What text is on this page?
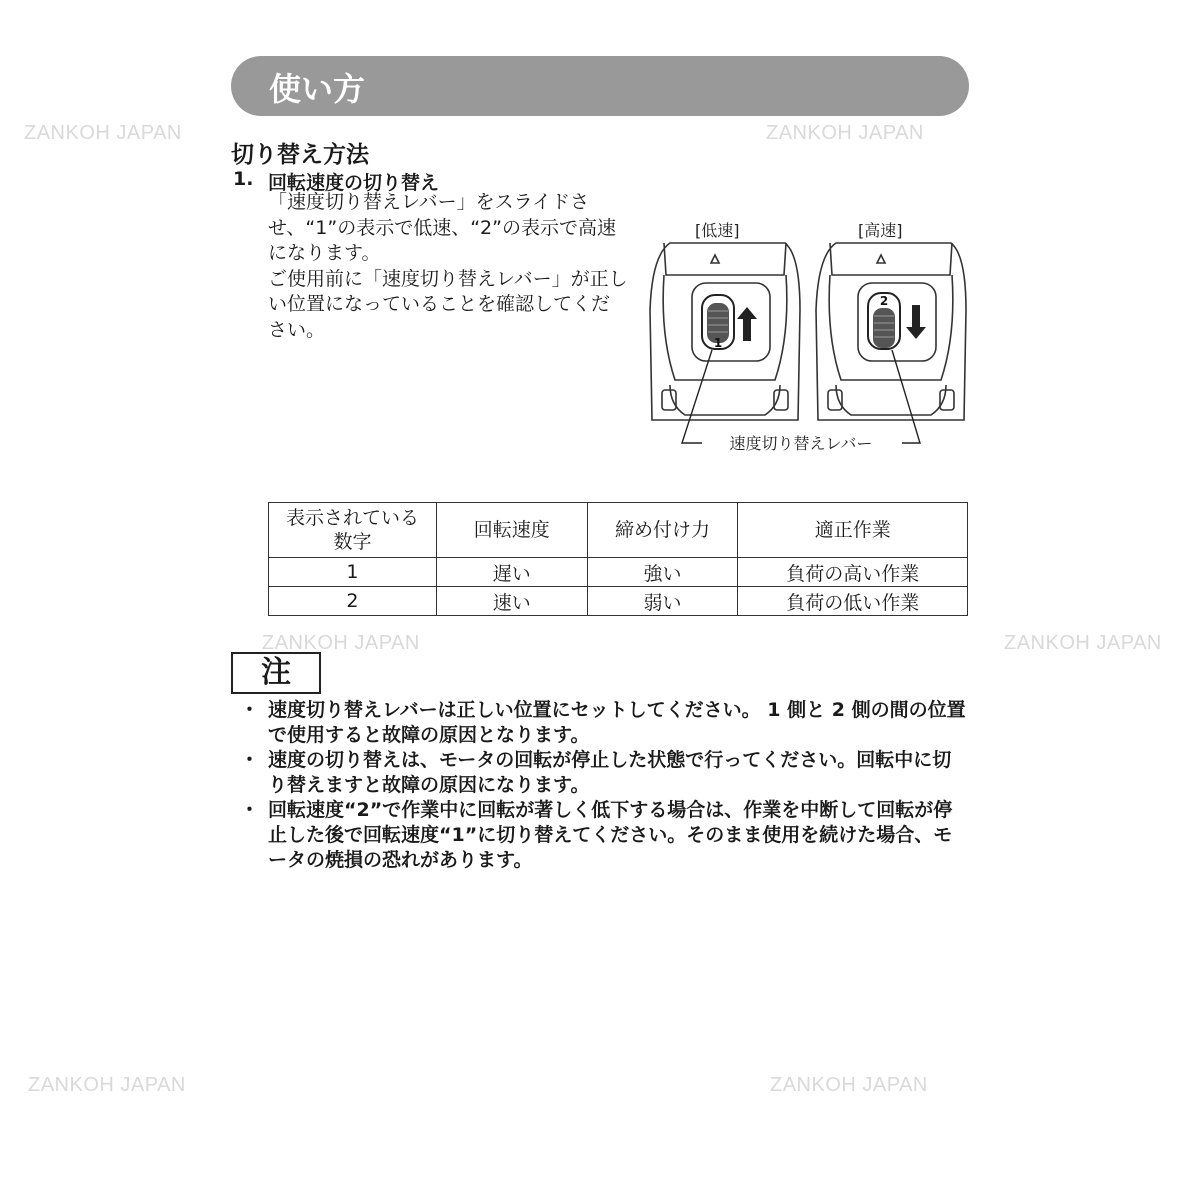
ZANKOH JAPAN	ZANKOH JAPAN
ZANKOH JAPAN	ZANKOH JAPAN
ZANKOH JAPAN	ZANKOH JAPAN
使い方
切り替え方法
1. 回転速度の切り替え

「速度切り替えレバー」をスライドさせ、“1”の表示で低速、“2”の表示で高速になります。

ご使用前に「速度切り替えレバー」が正しい位置になっていることを確認してください。

[低速]	[高速]
1
2
速度切り替えレバー
表示されている数字	回転速度	締め付け力	適正作業
1	遅い	強い	負荷の高い作業
2	速い	弱い	負荷の低い作業
注
・ 速度切り替えレバーは正しい位置にセットしてください。 1 側と 2 側の間の位置で使用すると故障の原因となります。
・ 速度の切り替えは、モータの回転が停止した状態で行ってください。回転中に切り替えますと故障の原因になります。
・ 回転速度“2”で作業中に回転が著しく低下する場合は、作業を中断して回転が停止した後で回転速度“1”に切り替えてください。そのまま使用を続けた場合、モータの焼損の恐れがあります。
